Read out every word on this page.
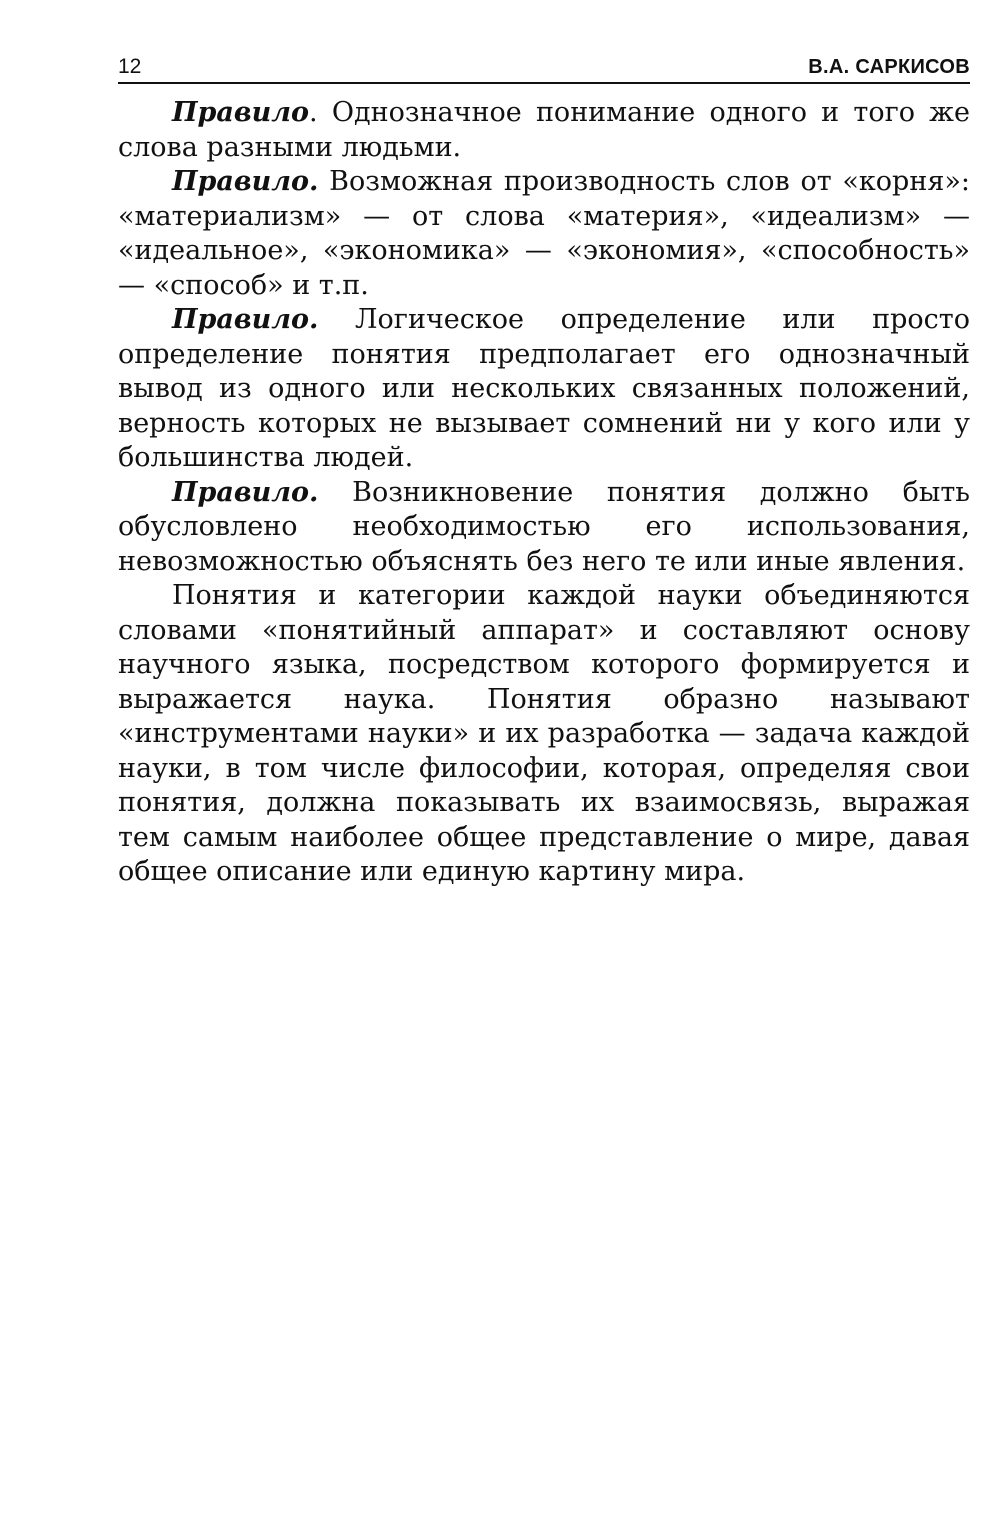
12	В.А. САРКИСОВ

Правило. Однозначное понимание одного и того же слова разными людьми.

Правило. Возможная производность слов от «корня»: «материализм» — от слова «материя», «идеализм» — «идеальное», «экономика» — «экономия», «способность» — «способ» и т.п.

Правило. Логическое определение или просто определение понятия предполагает его однозначный вывод из одного или нескольких связанных положений, верность которых не вызывает сомнений ни у кого или у большинства людей.

Правило. Возникновение понятия должно быть обусловлено необходимостью его использования, невозможностью объяснять без него те или иные явления.

Понятия и категории каждой науки объединяются словами «понятийный аппарат» и составляют основу научного языка, посредством которого формируется и выражается наука. Понятия образно называют «инструментами науки» и их разработка — задача каждой науки, в том числе философии, которая, определяя свои понятия, должна показывать их взаимосвязь, выражая тем самым наиболее общее представление о мире, давая общее описание или единую картину мира.
